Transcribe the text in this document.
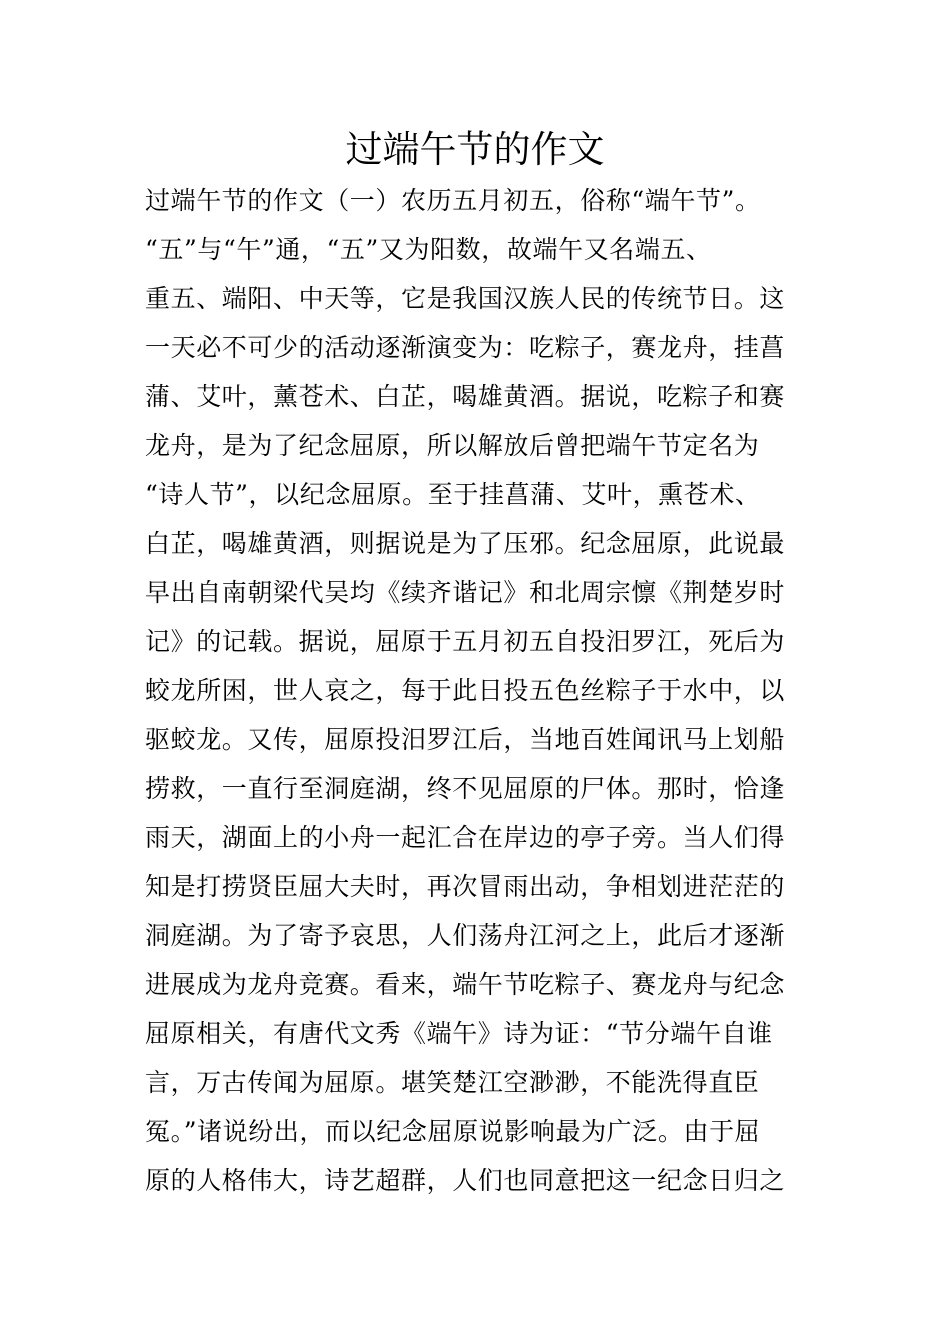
过端午节的作文
过端午节的作文（一）农历五月初五，俗称“端午节”。
“五”与“午”通，“五”又为阳数，故端午又名端五、
重五、端阳、中天等，它是我国汉族人民的传统节日。这
一天必不可少的活动逐渐演变为：吃粽子，赛龙舟，挂菖
蒲、艾叶，薰苍术、白芷，喝雄黄酒。据说，吃粽子和赛
龙舟，是为了纪念屈原，所以解放后曾把端午节定名为
“诗人节”，以纪念屈原。至于挂菖蒲、艾叶，熏苍术、
白芷，喝雄黄酒，则据说是为了压邪。纪念屈原，此说最
早出自南朝梁代吴均《续齐谐记》和北周宗懔《荆楚岁时
记》的记载。据说，屈原于五月初五自投汨罗江，死后为
蛟龙所困，世人哀之，每于此日投五色丝粽子于水中，以
驱蛟龙。又传，屈原投汨罗江后，当地百姓闻讯马上划船
捞救，一直行至洞庭湖，终不见屈原的尸体。那时，恰逢
雨天，湖面上的小舟一起汇合在岸边的亭子旁。当人们得
知是打捞贤臣屈大夫时，再次冒雨出动，争相划进茫茫的
洞庭湖。为了寄予哀思，人们荡舟江河之上，此后才逐渐
进展成为龙舟竞赛。看来，端午节吃粽子、赛龙舟与纪念
屈原相关，有唐代文秀《端午》诗为证：“节分端午自谁
言，万古传闻为屈原。堪笑楚江空渺渺，不能洗得直臣
冤。”诸说纷出，而以纪念屈原说影响最为广泛。由于屈
原的人格伟大，诗艺超群，人们也同意把这一纪念日归之
